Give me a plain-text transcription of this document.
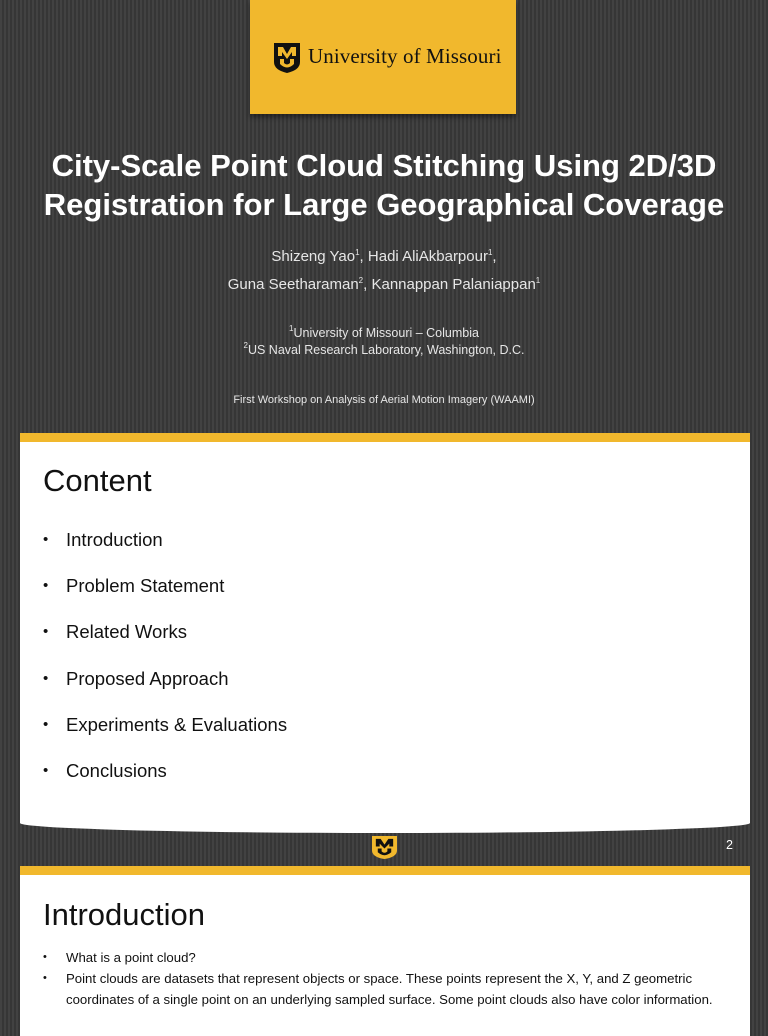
University of Missouri
City-Scale Point Cloud Stitching Using 2D/3D
Registration for Large Geographical Coverage
Shizeng Yao$^1$, Hadi AliAkbarpour$^1$,
Guna Seetharaman$^2$, Kannappan Palaniappan$^1$
$^1$University of Missouri – Columbia
$^2$US Naval Research Laboratory, Washington, D.C.
First Workshop on Analysis of Aerial Motion Imagery (WAAMI)
Content
• Introduction
• Problem Statement
• Related Works
• Proposed Approach
• Experiments & Evaluations
• Conclusions
2
Introduction
• What is a point cloud?
• Point clouds are datasets that represent objects or space. These points represent the X, Y, and Z geometric coordinates of a single point on an underlying sampled surface. Some point clouds also have color information.
